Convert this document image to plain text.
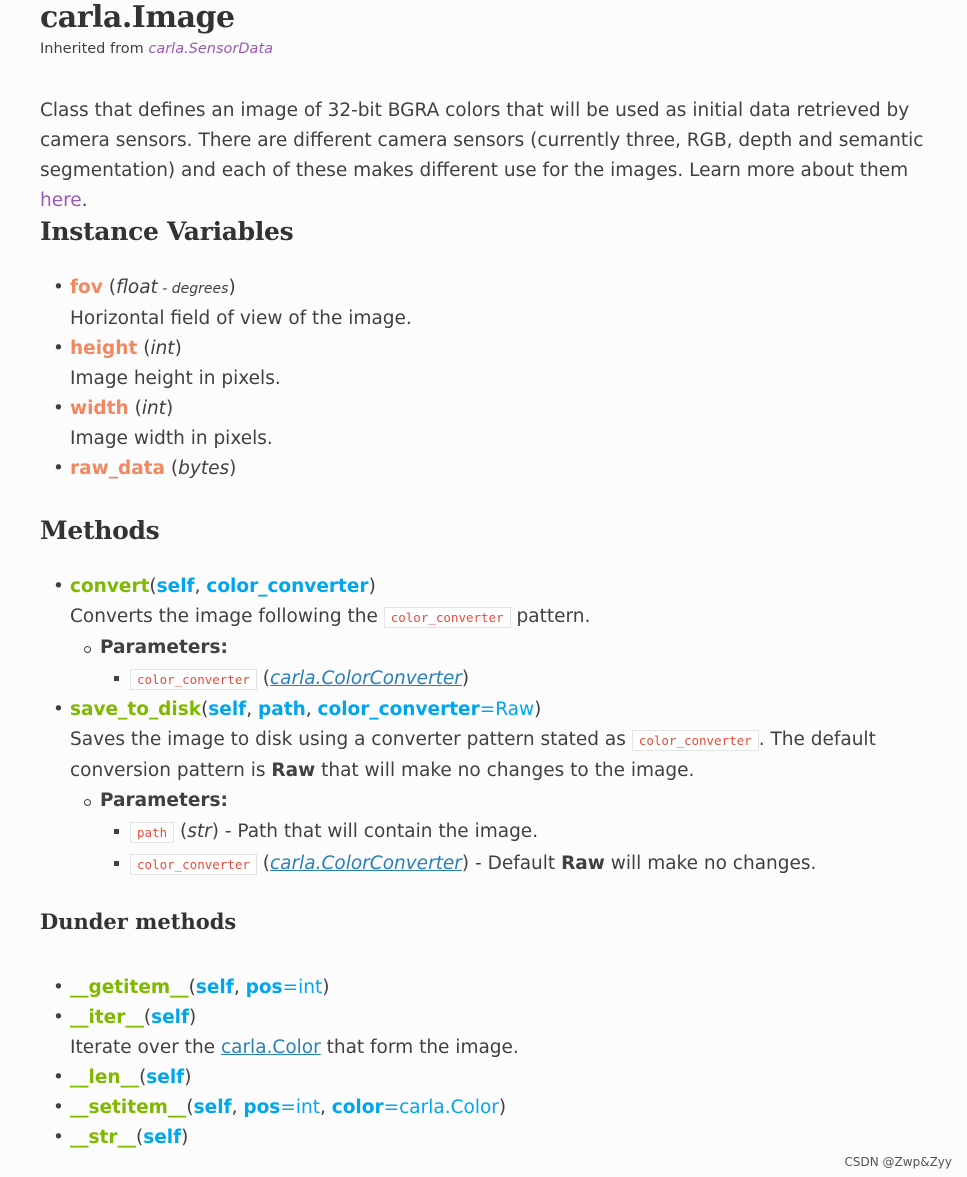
carla.Image
Inherited from carla.SensorData

Class that defines an image of 32-bit BGRA colors that will be used as initial data retrieved by camera sensors. There are different camera sensors (currently three, RGB, depth and semantic segmentation) and each of these makes different use for the images. Learn more about them here.

Instance Variables
• fov (float - degrees)
Horizontal field of view of the image.
• height (int)
Image height in pixels.
• width (int)
Image width in pixels.
• raw_data (bytes)
Methods
• convert(self, color_converter)
Converts the image following the color_converter pattern.
Parameters:
color_converter (carla.ColorConverter)
• save_to_disk(self, path, color_converter=Raw)
Saves the image to disk using a converter pattern stated as color_converter . The default conversion pattern is Raw that will make no changes to the image.
Parameters:
path (str) - Path that will contain the image.
color_converter (carla.ColorConverter) - Default Raw will make no changes.
Dunder methods
• __getitem__(self, pos=int)
• __iter__(self)
Iterate over the carla.Color that form the image.
• __len__(self)
• __setitem__(self, pos=int, color=carla.Color)
• __str__(self)
CSDN @Zwp&Zyy
